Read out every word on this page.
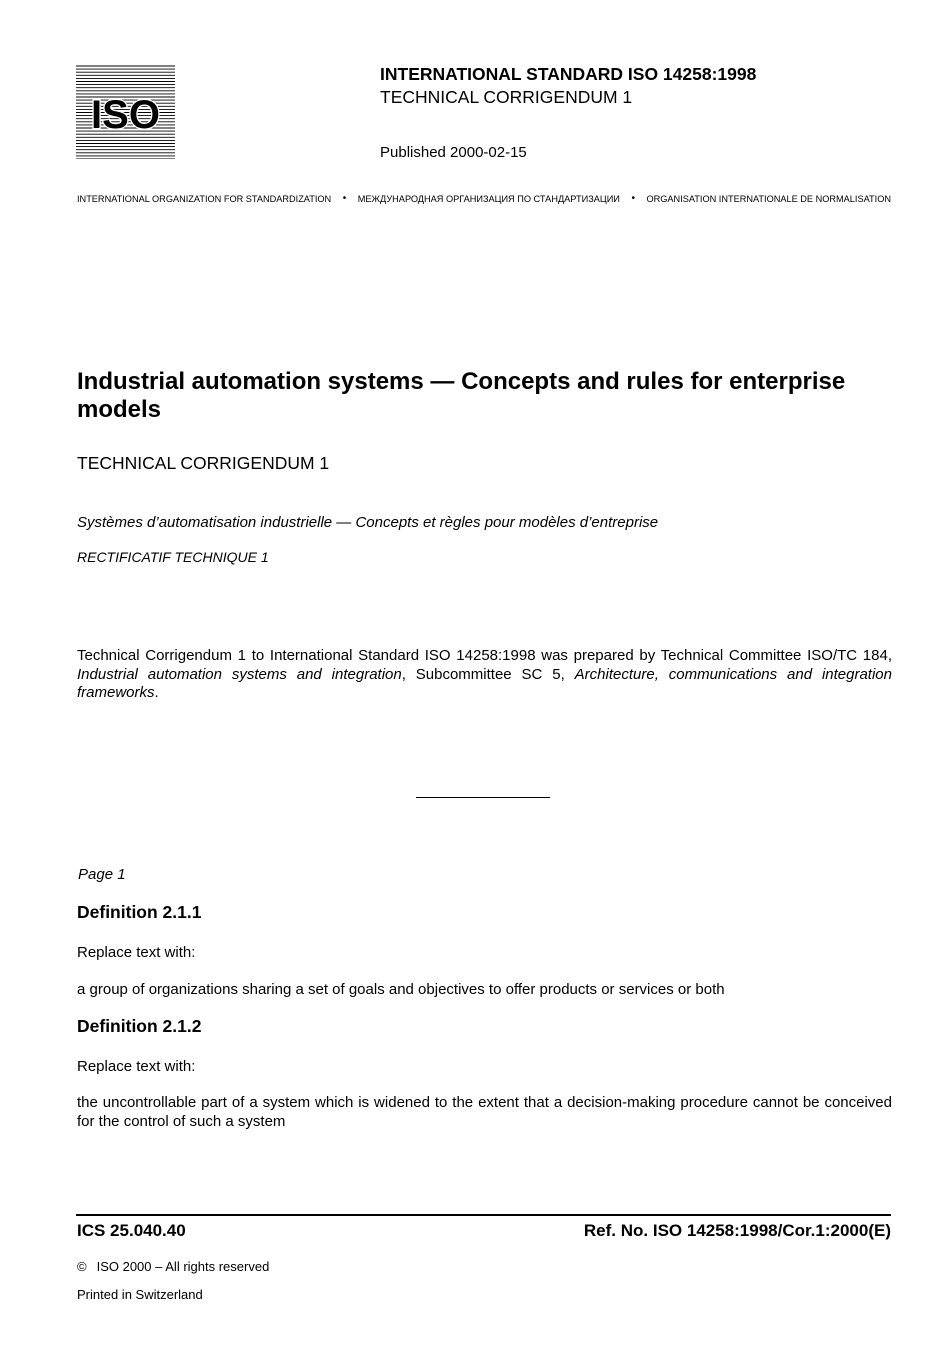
ISO
INTERNATIONAL STANDARD ISO 14258:1998
TECHNICAL CORRIGENDUM 1
Published 2000-02-15
INTERNATIONAL ORGANIZATION FOR STANDARDIZATION • МЕЖДУНАРОДНАЯ ОРГАНИЗАЦИЯ ПО СТАНДАРТИЗАЦИИ • ORGANISATION INTERNATIONALE DE NORMALISATION
Industrial automation systems — Concepts and rules for enterprise models
TECHNICAL CORRIGENDUM 1
Systèmes d’automatisation industrielle — Concepts et règles pour modèles d’entreprise
RECTIFICATIF TECHNIQUE 1
Technical Corrigendum 1 to International Standard ISO 14258:1998 was prepared by Technical Committee ISO/TC 184, Industrial automation systems and integration, Subcommittee SC 5, Architecture, communications and integration frameworks.
Page 1
Definition 2.1.1
Replace text with:
a group of organizations sharing a set of goals and objectives to offer products or services or both
Definition 2.1.2
Replace text with:
the uncontrollable part of a system which is widened to the extent that a decision-making procedure cannot be conceived for the control of such a system
ICS 25.040.40	Ref. No. ISO 14258:1998/Cor.1:2000(E)
© ISO 2000 – All rights reserved
Printed in Switzerland
